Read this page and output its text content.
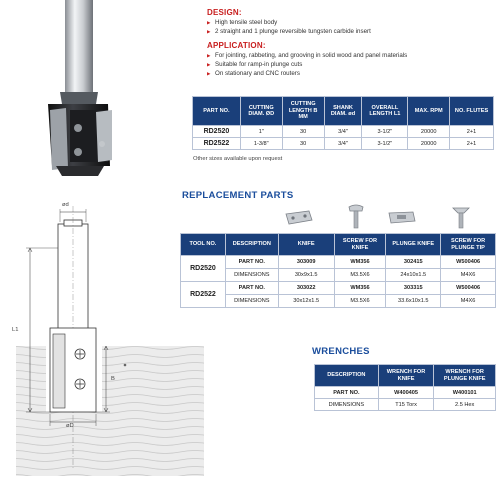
DESIGN:
▶ High tensile steel body
▶ 2 straight and 1 plunge reversible tungsten carbide insert
APPLICATION:
▶ For jointing, rabbeting, and grooving in solid wood and panel materials
▶ Suitable for ramp-in plunge cuts
▶ On stationary and CNC routers
PART NO.	CUTTING DIAM. ØD	CUTTING LENGTH B MM	SHANK DIAM. ød	OVERALL LENGTH L1	MAX. RPM	NO. FLUTES
RD2520	1"	30	3/4"	3-1/2"	20000	2+1
RD2522	1-3/8"	30	3/4"	3-1/2"	20000	2+1
Other sizes available upon request
REPLACEMENT PARTS
TOOL NO.	DESCRIPTION	KNIFE	SCREW FOR KNIFE	PLUNGE KNIFE	SCREW FOR PLUNGE TIP
RD2520	PART NO.	303009	WM356	302415	W500406
	DIMENSIONS	30x9x1.5	M3.5X6	24x10x1.5	M4X6
RD2522	PART NO.	303022	WM356	303315	W500406
	DIMENSIONS	30x12x1.5	M3.5X6	33.6x10x1.5	M4X6
WRENCHES
DESCRIPTION	WRENCH FOR KNIFE	WRENCH FOR PLUNGE KNIFE
PART NO.	W400405	W400101
DIMENSIONS	T15 Torx	2.5 Hex
ød
L1
B
øD
